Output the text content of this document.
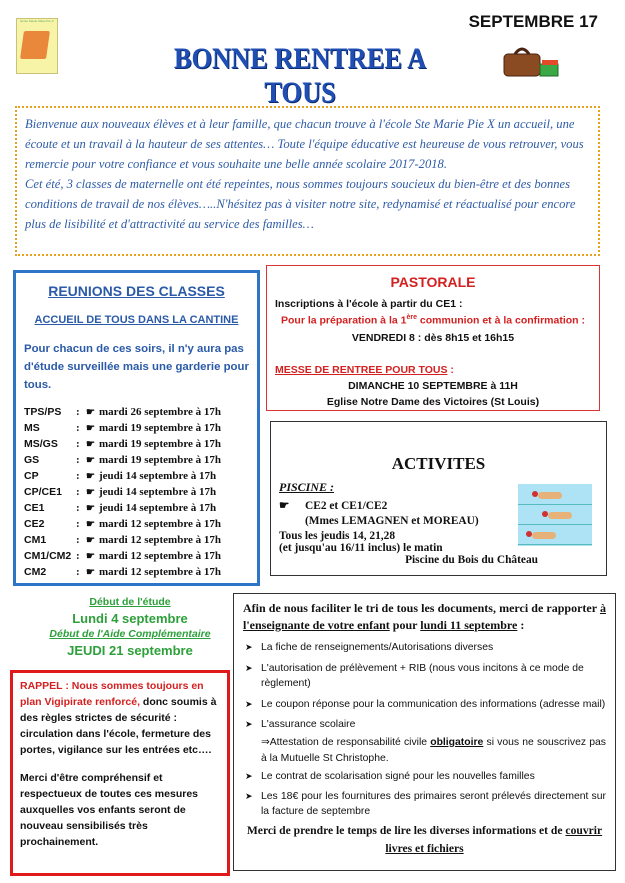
Ecole Sainte Marie Pie X	SEPTEMBRE 17
BONNE RENTREE A TOUS

Bienvenue aux nouveaux élèves et à leur famille, que chacun trouve à l'école Ste Marie Pie X un accueil, une écoute et un travail à la hauteur de ses attentes… Toute l'équipe éducative est heureuse de vous retrouver, vous remercie pour votre confiance et vous souhaite une belle année scolaire 2017-2018.

Cet été, 3 classes de maternelle ont été repeintes, nous sommes toujours soucieux du bien-être et des bonnes conditions de travail de nos élèves…..N'hésitez pas à visiter notre site, redynamisé et réactualisé pour encore plus de lisibilité et d'attractivité au service des familles…

REUNIONS DES CLASSES
ACCUEIL DE TOUS DANS LA CANTINE
Pour chacun de ces soirs, il n'y aura pas d'étude surveillée mais une garderie pour tous.
TPS/PS	: ☛ mardi 26 septembre à 17h
MS	: ☛ mardi 19 septembre à 17h
MS/GS	: ☛ mardi 19 septembre à 17h
GS	: ☛ mardi 19 septembre à 17h
CP	: ☛ jeudi 14 septembre à 17h
CP/CE1	: ☛ jeudi 14 septembre à 17h
CE1	: ☛ jeudi 14 septembre à 17h
CE2	: ☛ mardi 12 septembre à 17h
CM1	: ☛ mardi 12 septembre à 17h
CM1/CM2 : ☛ mardi 12 septembre à 17h
CM2	: ☛ mardi 12 septembre à 17h
PASTORALE
Inscriptions à l'école à partir du CE1 :
Pour la préparation à la 1ère communion et à la confirmation :
VENDREDI 8 : dès 8h15 et 16h15
MESSE DE RENTREE POUR TOUS :
DIMANCHE 10 SEPTEMBRE à 11H
Eglise Notre Dame des Victoires (St Louis)
ACTIVITES
PISCINE :
☛ CE2 et CE1/CE2
(Mmes LEMAGNEN et MOREAU)
Tous les jeudis 14, 21,28
(et jusqu'au 16/11 inclus) le matin
Piscine du Bois du Château
Début de l'étude
Lundi 4 septembre
Début de l'Aide Complémentaire
JEUDI 21 septembre
RAPPEL : Nous sommes toujours en plan Vigipirate renforcé, donc soumis à des règles strictes de sécurité : circulation dans l'école, fermeture des portes, vigilance sur les entrées etc….
Merci d'être compréhensif et respectueux de toutes ces mesures auxquelles vos enfants seront de nouveau sensibilisés très prochainement.
Afin de nous faciliter le tri de tous les documents, merci de rapporter à l'enseignante de votre enfant pour lundi 11 septembre :
➤ La fiche de renseignements/Autorisations diverses
➤ L'autorisation de prélèvement + RIB (nous vous incitons à ce mode de règlement)
➤ Le coupon réponse pour la communication des informations (adresse mail)
➤ L'assurance scolaire
⇒Attestation de responsabilité civile obligatoire si vous ne souscrivez pas à la Mutuelle St Christophe.
➤ Le contrat de scolarisation signé pour les nouvelles familles
➤ Les 18€ pour les fournitures des primaires seront prélevés directement sur la facture de septembre
Merci de prendre le temps de lire les diverses informations et de couvrir livres et fichiers
